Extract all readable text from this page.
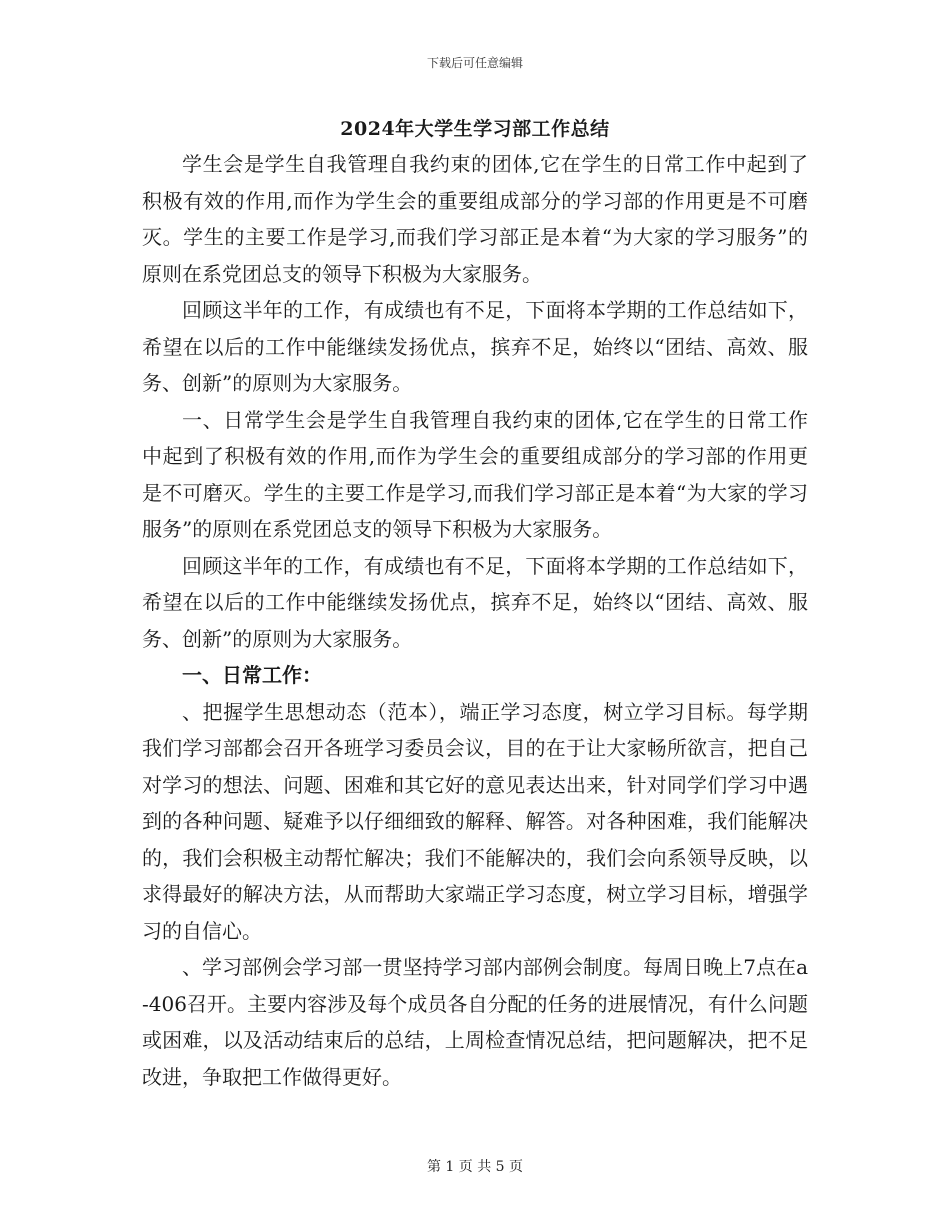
下载后可任意编辑
2024年大学生学习部工作总结

学生会是学生自我管理自我约束的团体,它在学生的日常工作中起到了积极有效的作用,而作为学生会的重要组成部分的学习部的作用更是不可磨灭。学生的主要工作是学习,而我们学习部正是本着“为大家的学习服务”的原则在系党团总支的领导下积极为大家服务。

回顾这半年的工作，有成绩也有不足，下面将本学期的工作总结如下，希望在以后的工作中能继续发扬优点，摈弃不足，始终以“团结、高效、服务、创新”的原则为大家服务。

一、日常学生会是学生自我管理自我约束的团体,它在学生的日常工作中起到了积极有效的作用,而作为学生会的重要组成部分的学习部的作用更是不可磨灭。学生的主要工作是学习,而我们学习部正是本着“为大家的学习服务”的原则在系党团总支的领导下积极为大家服务。

回顾这半年的工作，有成绩也有不足，下面将本学期的工作总结如下，希望在以后的工作中能继续发扬优点，摈弃不足，始终以“团结、高效、服务、创新”的原则为大家服务。

一、日常工作：

、把握学生思想动态（范本），端正学习态度，树立学习目标。每学期我们学习部都会召开各班学习委员会议，目的在于让大家畅所欲言，把自己对学习的想法、问题、困难和其它好的意见表达出来，针对同学们学习中遇到的各种问题、疑难予以仔细细致的解释、解答。对各种困难，我们能解决的，我们会积极主动帮忙解决；我们不能解决的，我们会向系领导反映，以求得最好的解决方法，从而帮助大家端正学习态度，树立学习目标，增强学习的自信心。

、学习部例会学习部一贯坚持学习部内部例会制度。每周日晚上7点在a-406召开。主要内容涉及每个成员各自分配的任务的进展情况，有什么问题或困难，以及活动结束后的总结，上周检查情况总结，把问题解决，把不足改进，争取把工作做得更好。

第 1 页 共 5 页
